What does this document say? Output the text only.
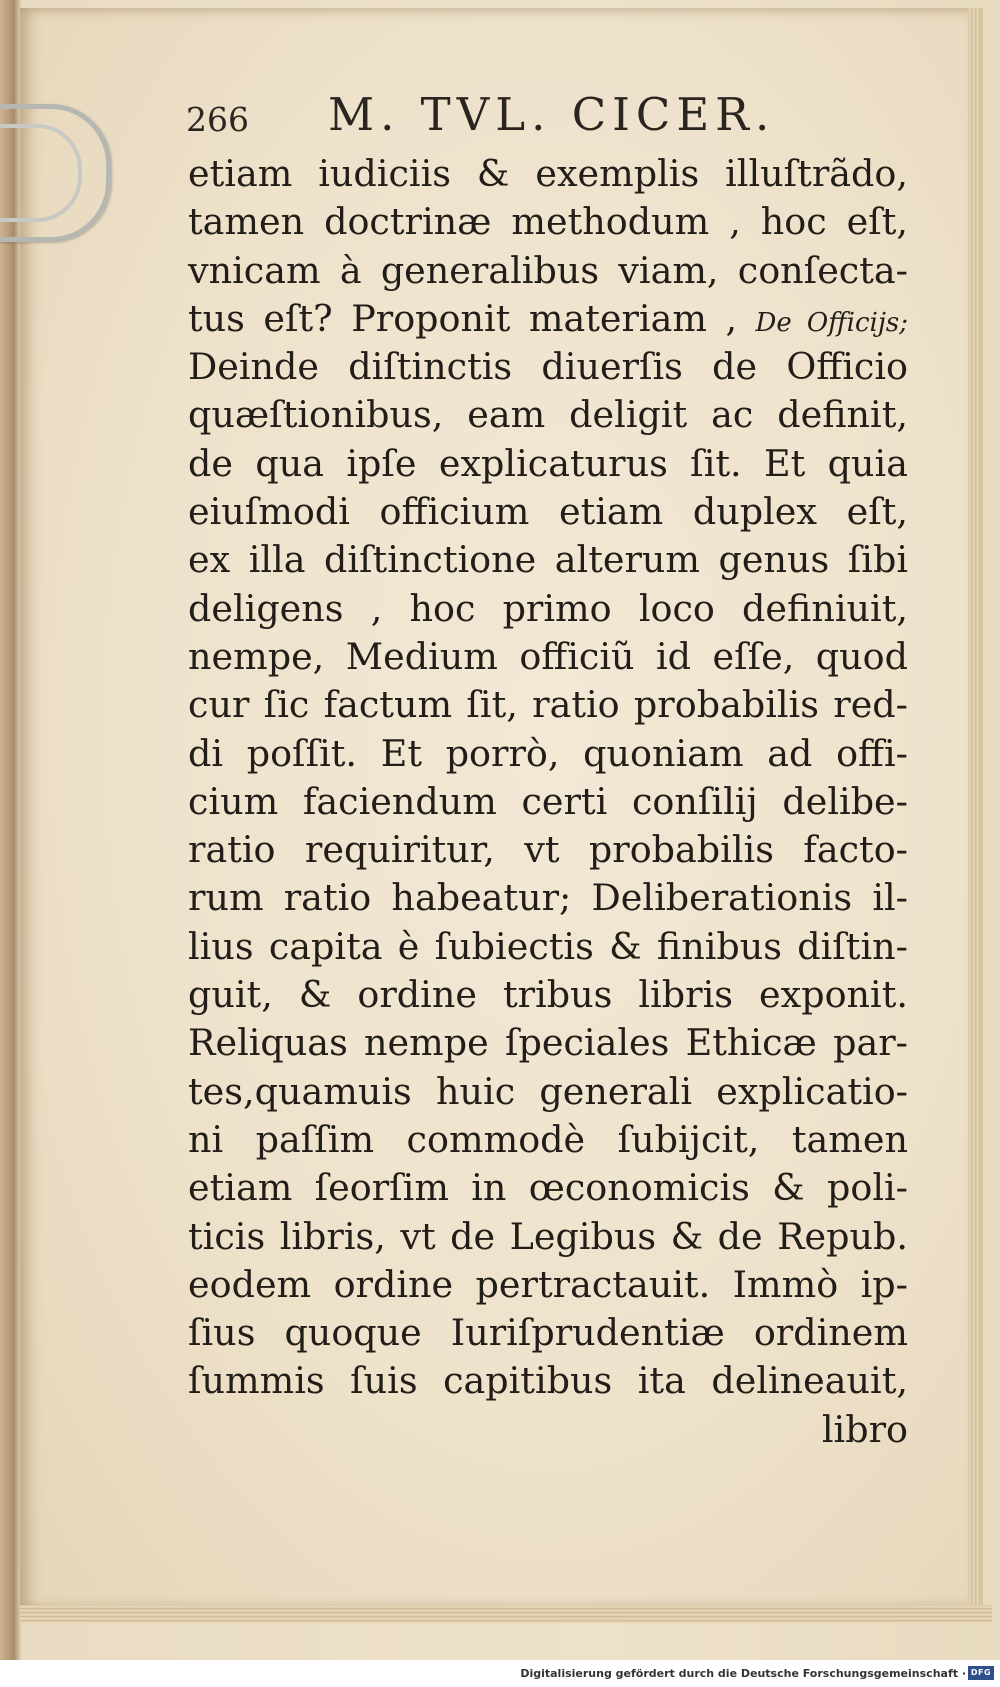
266 M. TVL. CICER.
etiam iudiciis & exemplis illuſtrãdo,
tamen doctrinæ methodum , hoc eſt,
vnicam à generalibus viam, conſecta-
tus eſt? Proponit materiam , De Officijs;
Deinde diſtinctis diuerſis de Officio
quæſtionibus, eam deligit ac definit,
de qua ipſe explicaturus ſit. Et quia
eiuſmodi officium etiam duplex eſt,
ex illa diſtinctione alterum genus ſibi
deligens , hoc primo loco definiuit,
nempe, Medium officiũ id eſſe, quod
cur ſic factum ſit, ratio probabilis red-
di poſſit. Et porrò, quoniam ad offi-
cium faciendum certi conſilij delibe-
ratio requiritur, vt probabilis facto-
rum ratio habeatur; Deliberationis il-
lius capita è ſubiectis & finibus diſtin-
guit, & ordine tribus libris exponit.
Reliquas nempe ſpeciales Ethicæ par-
tes,quamuis huic generali explicatio-
ni paſſim commodè ſubijcit, tamen
etiam ſeorſim in œconomicis & poli-
ticis libris, vt de Legibus & de Repub.
eodem ordine pertractauit. Immò ip-
ſius quoque Iuriſprudentiæ ordinem
ſummis ſuis capitibus ita delineauit,
libro
Digitalisierung gefördert durch die Deutsche Forschungsgemeinschaft · DFG
